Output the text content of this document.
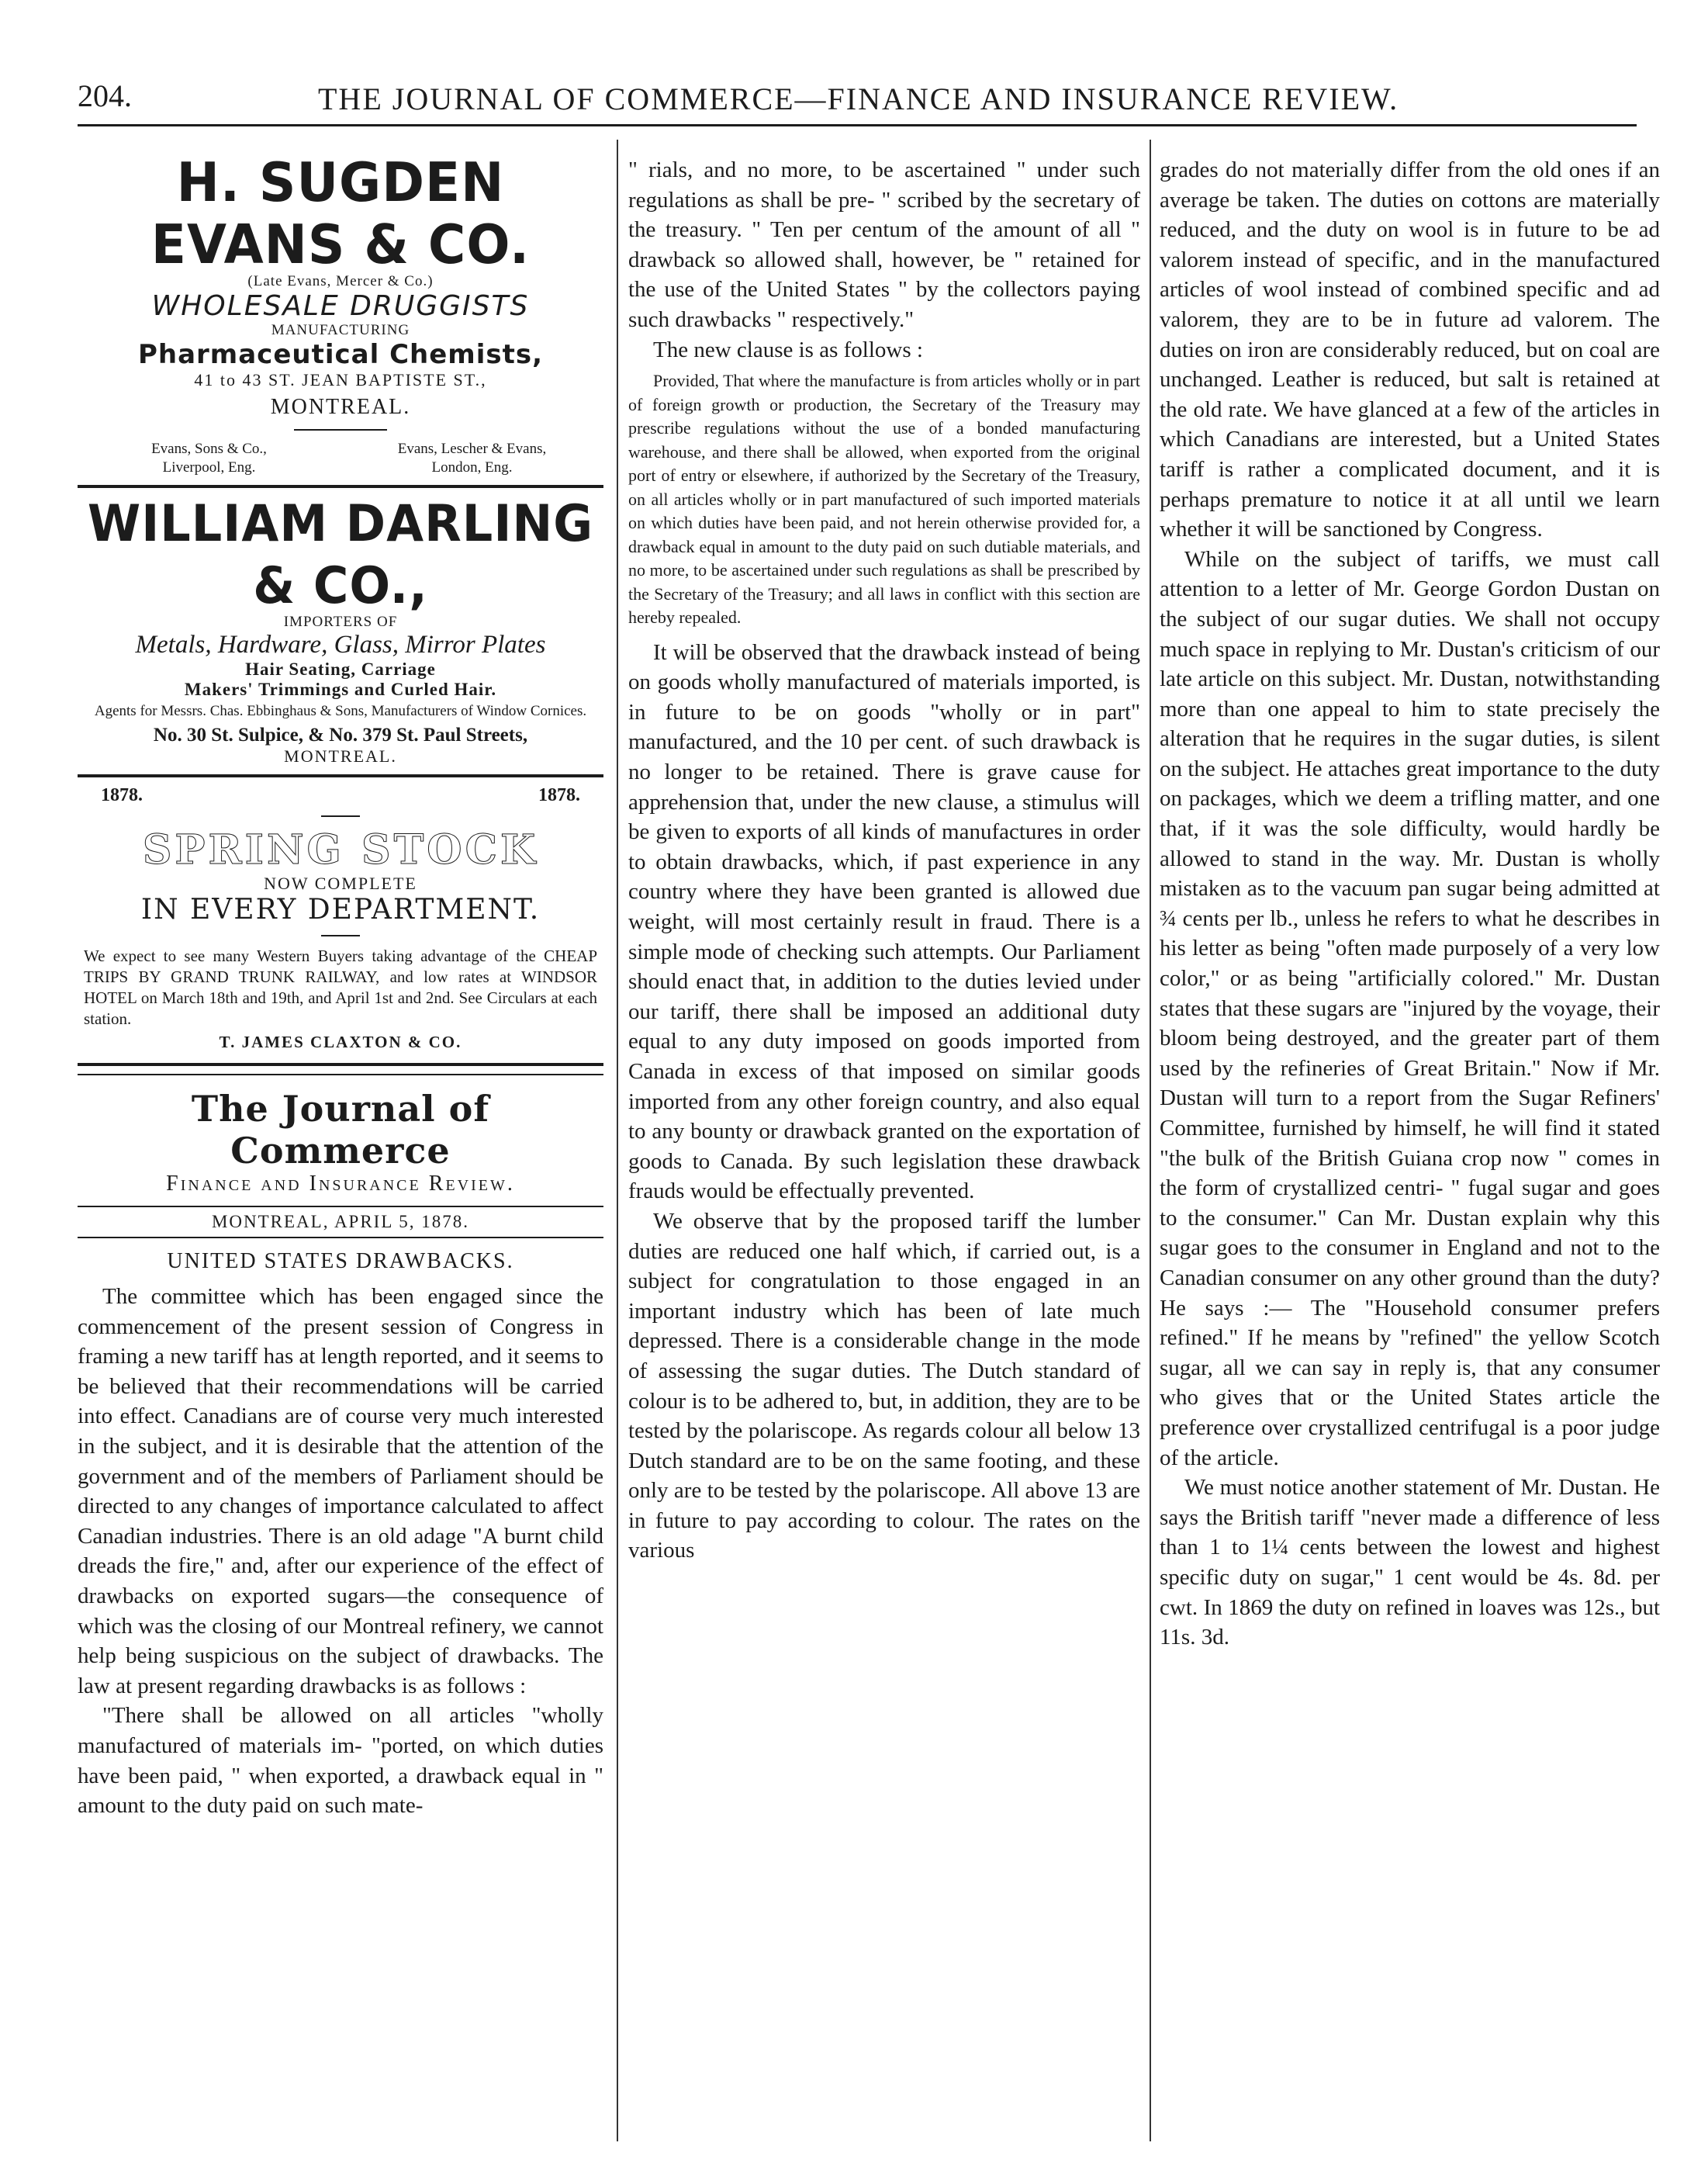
204.	THE JOURNAL OF COMMERCE—FINANCE AND INSURANCE REVIEW.
H. SUGDEN EVANS & CO.
(Late Evans, Mercer & Co.)
WHOLESALE DRUGGISTS
MANUFACTURING
Pharmaceutical Chemists,
41 to 43 ST. JEAN BAPTISTE ST.,
MONTREAL.
Evans, Sons & Co.,
Liverpool, Eng.
Evans, Lescher & Evans,
London, Eng.
WILLIAM DARLING & CO.,
IMPORTERS OF
Metals, Hardware, Glass, Mirror Plates
Hair Seating, Carriage
Makers' Trimmings and Curled Hair.
Agents for Messrs. Chas. Ebbinghaus & Sons, Manufacturers of Window Cornices.
No. 30 St. Sulpice, & No. 379 St. Paul Streets,
MONTREAL.
1878.	1878.
SPRING STOCK
NOW COMPLETE
IN EVERY DEPARTMENT.

We expect to see many Western Buyers taking advantage of the CHEAP TRIPS BY GRAND TRUNK RAILWAY, and low rates at WINDSOR HOTEL on March 18th and 19th, and April 1st and 2nd. See Circulars at each station.

T. JAMES CLAXTON & CO.
The Journal of Commerce
Finance and Insurance Review.
MONTREAL, APRIL 5, 1878.
UNITED STATES DRAWBACKS.

The committee which has been engaged since the commencement of the present session of Congress in framing a new tariff has at length reported, and it seems to be believed that their recommendations will be carried into effect. Canadians are of course very much interested in the subject, and it is desirable that the attention of the government and of the members of Parliament should be directed to any changes of importance calculated to affect Canadian industries. There is an old adage "A burnt child dreads the fire," and, after our experience of the effect of drawbacks on exported sugars—the consequence of which was the closing of our Montreal refinery, we cannot help being suspicious on the subject of drawbacks. The law at present regarding drawbacks is as follows :

"There shall be allowed on all articles "wholly manufactured of materials im- "ported, on which duties have been paid, " when exported, a drawback equal in " amount to the duty paid on such mate-

" rials, and no more, to be ascertained " under such regulations as shall be pre- " scribed by the secretary of the treasury. " Ten per centum of the amount of all " drawback so allowed shall, however, be " retained for the use of the United States " by the collectors paying such drawbacks " respectively."

The new clause is as follows :

Provided, That where the manufacture is from articles wholly or in part of foreign growth or production, the Secretary of the Treasury may prescribe regulations without the use of a bonded manufacturing warehouse, and there shall be allowed, when exported from the original port of entry or elsewhere, if authorized by the Secretary of the Treasury, on all articles wholly or in part manufactured of such imported materials on which duties have been paid, and not herein otherwise provided for, a drawback equal in amount to the duty paid on such dutiable materials, and no more, to be ascertained under such regulations as shall be prescribed by the Secretary of the Treasury; and all laws in conflict with this section are hereby repealed.

It will be observed that the drawback instead of being on goods wholly manufactured of materials imported, is in future to be on goods "wholly or in part" manufactured, and the 10 per cent. of such drawback is no longer to be retained. There is grave cause for apprehension that, under the new clause, a stimulus will be given to exports of all kinds of manufactures in order to obtain drawbacks, which, if past experience in any country where they have been granted is allowed due weight, will most certainly result in fraud. There is a simple mode of checking such attempts. Our Parliament should enact that, in addition to the duties levied under our tariff, there shall be imposed an additional duty equal to any duty imposed on goods imported from Canada in excess of that imposed on similar goods imported from any other foreign country, and also equal to any bounty or drawback granted on the exportation of goods to Canada. By such legislation these drawback frauds would be effectually prevented.

We observe that by the proposed tariff the lumber duties are reduced one half which, if carried out, is a subject for congratulation to those engaged in an important industry which has been of late much depressed. There is a considerable change in the mode of assessing the sugar duties. The Dutch standard of colour is to be adhered to, but, in addition, they are to be tested by the polariscope. As regards colour all below 13 Dutch standard are to be on the same footing, and these only are to be tested by the polariscope. All above 13 are in future to pay according to colour. The rates on the various

grades do not materially differ from the old ones if an average be taken. The duties on cottons are materially reduced, and the duty on wool is in future to be ad valorem instead of specific, and in the manufactured articles of wool instead of combined specific and ad valorem, they are to be in future ad valorem. The duties on iron are considerably reduced, but on coal are unchanged. Leather is reduced, but salt is retained at the old rate. We have glanced at a few of the articles in which Canadians are interested, but a United States tariff is rather a complicated document, and it is perhaps premature to notice it at all until we learn whether it will be sanctioned by Congress.

While on the subject of tariffs, we must call attention to a letter of Mr. George Gordon Dustan on the subject of our sugar duties. We shall not occupy much space in replying to Mr. Dustan's criticism of our late article on this subject. Mr. Dustan, notwithstanding more than one appeal to him to state precisely the alteration that he requires in the sugar duties, is silent on the subject. He attaches great importance to the duty on packages, which we deem a trifling matter, and one that, if it was the sole difficulty, would hardly be allowed to stand in the way. Mr. Dustan is wholly mistaken as to the vacuum pan sugar being admitted at ¾ cents per lb., unless he refers to what he describes in his letter as being "often made purposely of a very low color," or as being "artificially colored." Mr. Dustan states that these sugars are "injured by the voyage, their bloom being destroyed, and the greater part of them used by the refineries of Great Britain." Now if Mr. Dustan will turn to a report from the Sugar Refiners' Committee, furnished by himself, he will find it stated "the bulk of the British Guiana crop now " comes in the form of crystallized centri- " fugal sugar and goes to the consumer." Can Mr. Dustan explain why this sugar goes to the consumer in England and not to the Canadian consumer on any other ground than the duty? He says :— The "Household consumer prefers refined." If he means by "refined" the yellow Scotch sugar, all we can say in reply is, that any consumer who gives that or the United States article the preference over crystallized centrifugal is a poor judge of the article.

We must notice another statement of Mr. Dustan. He says the British tariff "never made a difference of less than 1 to 1¼ cents between the lowest and highest specific duty on sugar," 1 cent would be 4s. 8d. per cwt. In 1869 the duty on refined in loaves was 12s., but 11s. 3d.
